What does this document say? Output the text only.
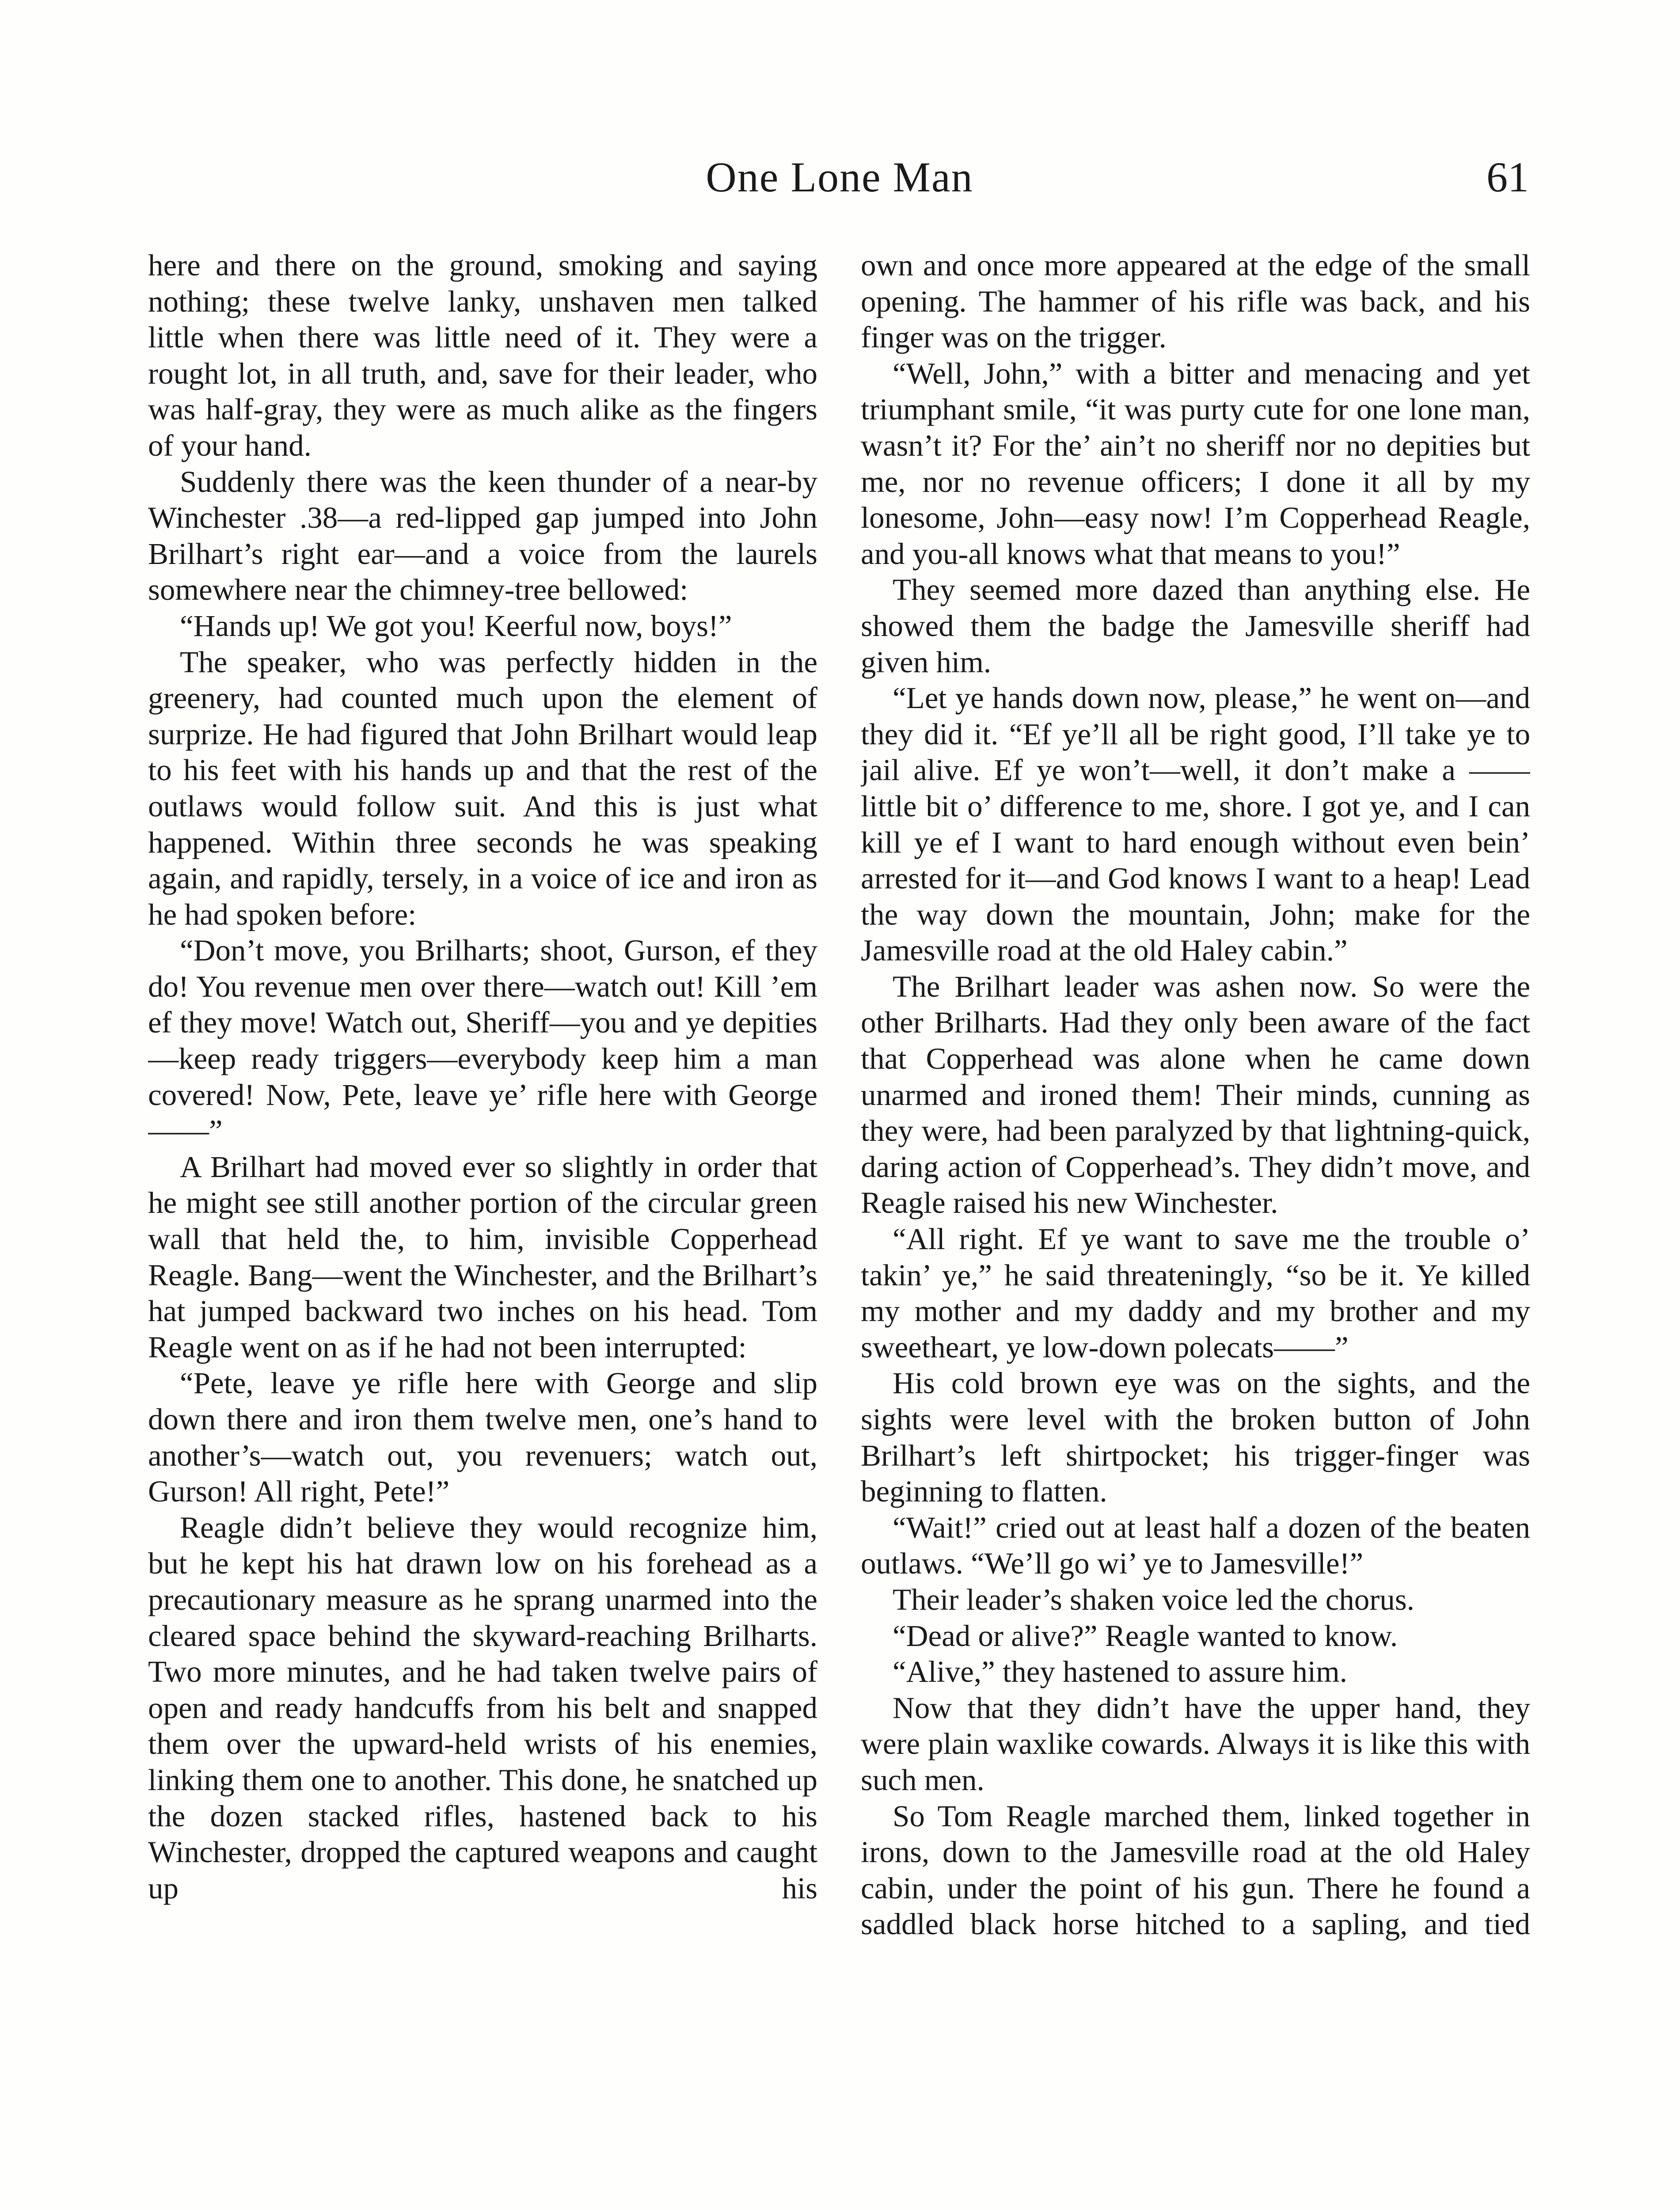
One Lone Man	61

here and there on the ground, smoking and saying nothing; these twelve lanky, unshaven men talked little when there was little need of it. They were a rought lot, in all truth, and, save for their leader, who was half-gray, they were as much alike as the fingers of your hand.

Suddenly there was the keen thunder of a near-by Winchester .38—a red-lipped gap jumped into John Brilhart’s right ear—and a voice from the laurels somewhere near the chimney-tree bellowed:

“Hands up! We got you! Keerful now, boys!”

The speaker, who was perfectly hidden in the greenery, had counted much upon the element of surprize. He had figured that John Brilhart would leap to his feet with his hands up and that the rest of the outlaws would follow suit. And this is just what happened. Within three seconds he was speaking again, and rapidly, tersely, in a voice of ice and iron as he had spoken before:

“Don’t move, you Brilharts; shoot, Gurson, ef they do! You revenue men over there—watch out! Kill ’em ef they move! Watch out, Sheriff—you and ye depities—keep ready triggers—everybody keep him a man covered! Now, Pete, leave ye’ rifle here with George——”

A Brilhart had moved ever so slightly in order that he might see still another portion of the circular green wall that held the, to him, invisible Copperhead Reagle. Bang—went the Winchester, and the Brilhart’s hat jumped backward two inches on his head. Tom Reagle went on as if he had not been interrupted:

“Pete, leave ye rifle here with George and slip down there and iron them twelve men, one’s hand to another’s—watch out, you revenuers; watch out, Gurson! All right, Pete!”

Reagle didn’t believe they would recognize him, but he kept his hat drawn low on his forehead as a precautionary measure as he sprang unarmed into the cleared space behind the skyward-reaching Brilharts. Two more minutes, and he had taken twelve pairs of open and ready handcuffs from his belt and snapped them over the upward-held wrists of his enemies, linking them one to another. This done, he snatched up the dozen stacked rifles, hastened back to his Winchester, dropped the captured weapons and caught up his

own and once more appeared at the edge of the small opening. The hammer of his rifle was back, and his finger was on the trigger.

“Well, John,” with a bitter and menacing and yet triumphant smile, “it was purty cute for one lone man, wasn’t it? For the’ ain’t no sheriff nor no depities but me, nor no revenue officers; I done it all by my lonesome, John—easy now! I’m Copperhead Reagle, and you-all knows what that means to you!”

They seemed more dazed than anything else. He showed them the badge the Jamesville sheriff had given him.

“Let ye hands down now, please,” he went on—and they did it. “Ef ye’ll all be right good, I’ll take ye to jail alive. Ef ye won’t—well, it don’t make a —— little bit o’ difference to me, shore. I got ye, and I can kill ye ef I want to hard enough without even bein’ arrested for it—and God knows I want to a heap! Lead the way down the mountain, John; make for the Jamesville road at the old Haley cabin.”

The Brilhart leader was ashen now. So were the other Brilharts. Had they only been aware of the fact that Copperhead was alone when he came down unarmed and ironed them! Their minds, cunning as they were, had been paralyzed by that lightning-quick, daring action of Copperhead’s. They didn’t move, and Reagle raised his new Winchester.

“All right. Ef ye want to save me the trouble o’ takin’ ye,” he said threateningly, “so be it. Ye killed my mother and my daddy and my brother and my sweetheart, ye low-down polecats——”

His cold brown eye was on the sights, and the sights were level with the broken button of John Brilhart’s left shirtpocket; his trigger-finger was beginning to flatten.

“Wait!” cried out at least half a dozen of the beaten outlaws. “We’ll go wi’ ye to Jamesville!”

Their leader’s shaken voice led the chorus.

“Dead or alive?” Reagle wanted to know.

“Alive,” they hastened to assure him.

Now that they didn’t have the upper hand, they were plain waxlike cowards. Always it is like this with such men.

So Tom Reagle marched them, linked together in irons, down to the Jamesville road at the old Haley cabin, under the point of his gun. There he found a saddled black horse hitched to a sapling, and tied
